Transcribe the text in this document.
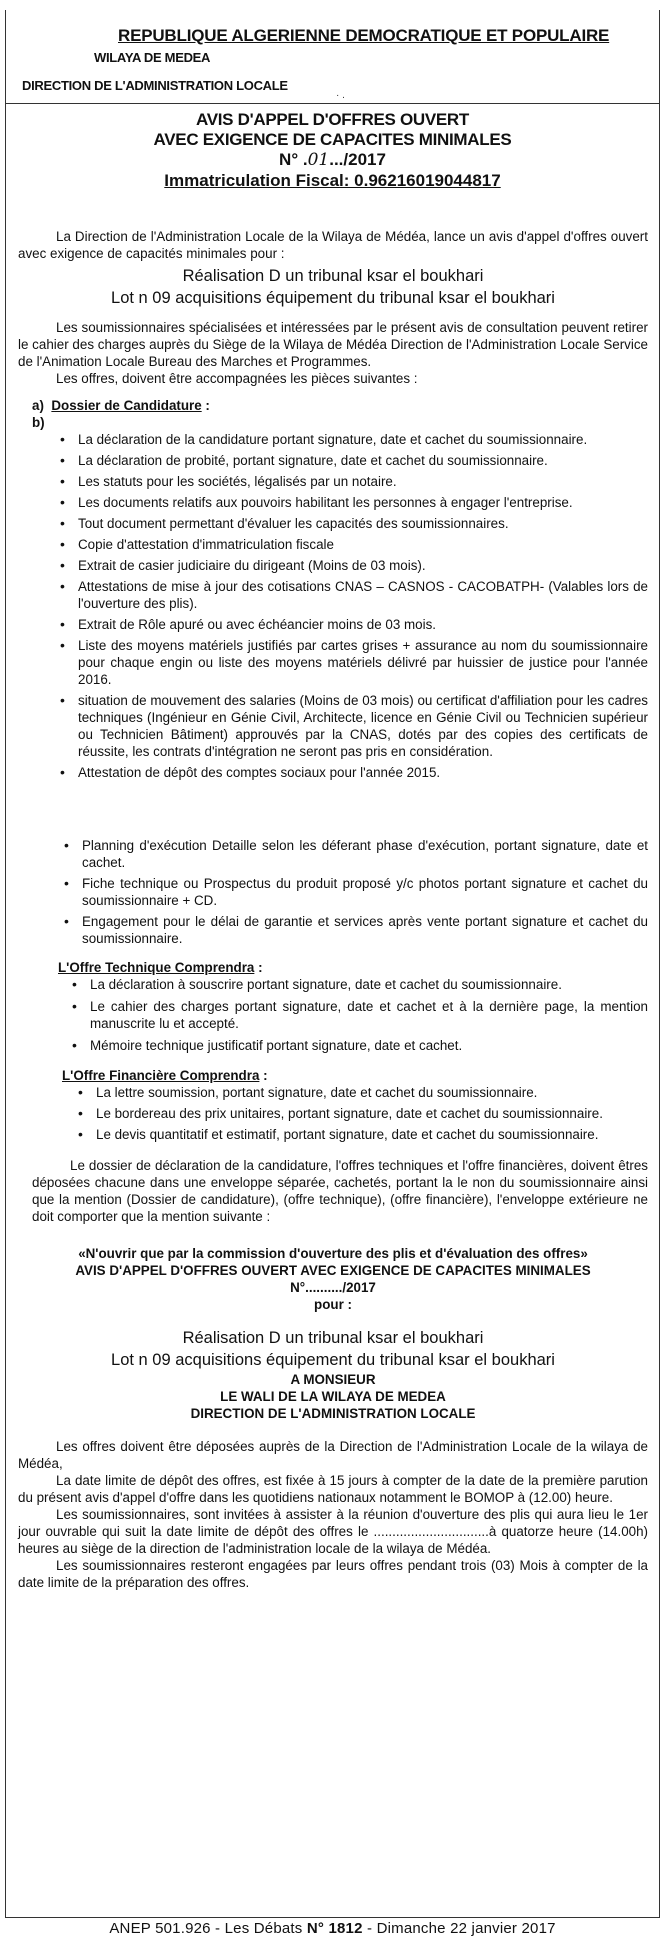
REPUBLIQUE ALGERIENNE DEMOCRATIQUE ET POPULAIRE
WILAYA DE MEDEA
DIRECTION DE L'ADMINISTRATION LOCALE
· .
AVIS D'APPEL D'OFFRES OUVERT
AVEC EXIGENCE DE CAPACITES MINIMALES
N° .01.../2017
Immatriculation Fiscal: 0.96216019044817

La Direction de l'Administration Locale de la Wilaya de Médéa, lance un avis d'appel d'offres ouvert avec exigence de capacités minimales pour :

Réalisation D un tribunal ksar el boukhari
Lot n 09 acquisitions équipement du tribunal ksar el boukhari

Les soumissionnaires spécialisées et intéressées par le présent avis de consultation peuvent retirer le cahier des charges auprès du Siège de la Wilaya de Médéa Direction de l'Administration Locale Service de l'Animation Locale Bureau des Marches et Programmes.

Les offres, doivent être accompagnées les pièces suivantes :

a) Dossier de Candidature :
b)
• La déclaration de la candidature portant signature, date et cachet du soumissionnaire.
• La déclaration de probité, portant signature, date et cachet du soumissionnaire.
• Les statuts pour les sociétés, légalisés par un notaire.
• Les documents relatifs aux pouvoirs habilitant les personnes à engager l'entreprise.
• Tout document permettant d'évaluer les capacités des soumissionnaires.
• Copie d'attestation d'immatriculation fiscale
• Extrait de casier judiciaire du dirigeant (Moins de 03 mois).
• Attestations de mise à jour des cotisations CNAS – CASNOS - CACOBATPH- (Valables lors de l'ouverture des plis).
• Extrait de Rôle apuré ou avec échéancier moins de 03 mois.
• Liste des moyens matériels justifiés par cartes grises + assurance au nom du soumissionnaire pour chaque engin ou liste des moyens matériels délivré par huissier de justice pour l'année 2016.
• situation de mouvement des salaries (Moins de 03 mois) ou certificat d'affiliation pour les cadres techniques (Ingénieur en Génie Civil, Architecte, licence en Génie Civil ou Technicien supérieur ou Technicien Bâtiment) approuvés par la CNAS, dotés par des copies des certificats de réussite, les contrats d'intégration ne seront pas pris en considération.
• Attestation de dépôt des comptes sociaux pour l'année 2015.
• Planning d'exécution Detaille selon les déferant phase d'exécution, portant signature, date et cachet.
• Fiche technique ou Prospectus du produit proposé y/c photos portant signature et cachet du soumissionnaire + CD.
• Engagement pour le délai de garantie et services après vente portant signature et cachet du soumissionnaire.
L'Offre Technique Comprendra :
• La déclaration à souscrire portant signature, date et cachet du soumissionnaire.
• Le cahier des charges portant signature, date et cachet et à la dernière page, la mention manuscrite lu et accepté.
• Mémoire technique justificatif portant signature, date et cachet.
L'Offre Financière Comprendra :
• La lettre soumission, portant signature, date et cachet du soumissionnaire.
• Le bordereau des prix unitaires, portant signature, date et cachet du soumissionnaire.
• Le devis quantitatif et estimatif, portant signature, date et cachet du soumissionnaire.

Le dossier de déclaration de la candidature, l'offres techniques et l'offre financières, doivent êtres déposées chacune dans une enveloppe séparée, cachetés, portant la le non du soumissionnaire ainsi que la mention (Dossier de candidature), (offre technique), (offre financière), l'enveloppe extérieure ne doit comporter que la mention suivante :

«N'ouvrir que par la commission d'ouverture des plis et d'évaluation des offres»
AVIS D'APPEL D'OFFRES OUVERT AVEC EXIGENCE DE CAPACITES MINIMALES
N°........../2017
pour :
Réalisation D un tribunal ksar el boukhari
Lot n 09 acquisitions équipement du tribunal ksar el boukhari
A MONSIEUR
LE WALI DE LA WILAYA DE MEDEA
DIRECTION DE L'ADMINISTRATION LOCALE

Les offres doivent être déposées auprès de la Direction de l'Administration Locale de la wilaya de Médéa,

La date limite de dépôt des offres, est fixée à 15 jours à compter de la date de la première parution du présent avis d'appel d'offre dans les quotidiens nationaux notamment le BOMOP à (12.00) heure.

Les soumissionnaires, sont invitées à assister à la réunion d'ouverture des plis qui aura lieu le 1er jour ouvrable qui suit la date limite de dépôt des offres le ...............................à quatorze heure (14.00h) heures au siège de la direction de l'administration locale de la wilaya de Médéa.

Les soumissionnaires resteront engagées par leurs offres pendant trois (03) Mois à compter de la date limite de la préparation des offres.

ANEP 501.926 - Les Débats N° 1812 - Dimanche 22 janvier 2017
